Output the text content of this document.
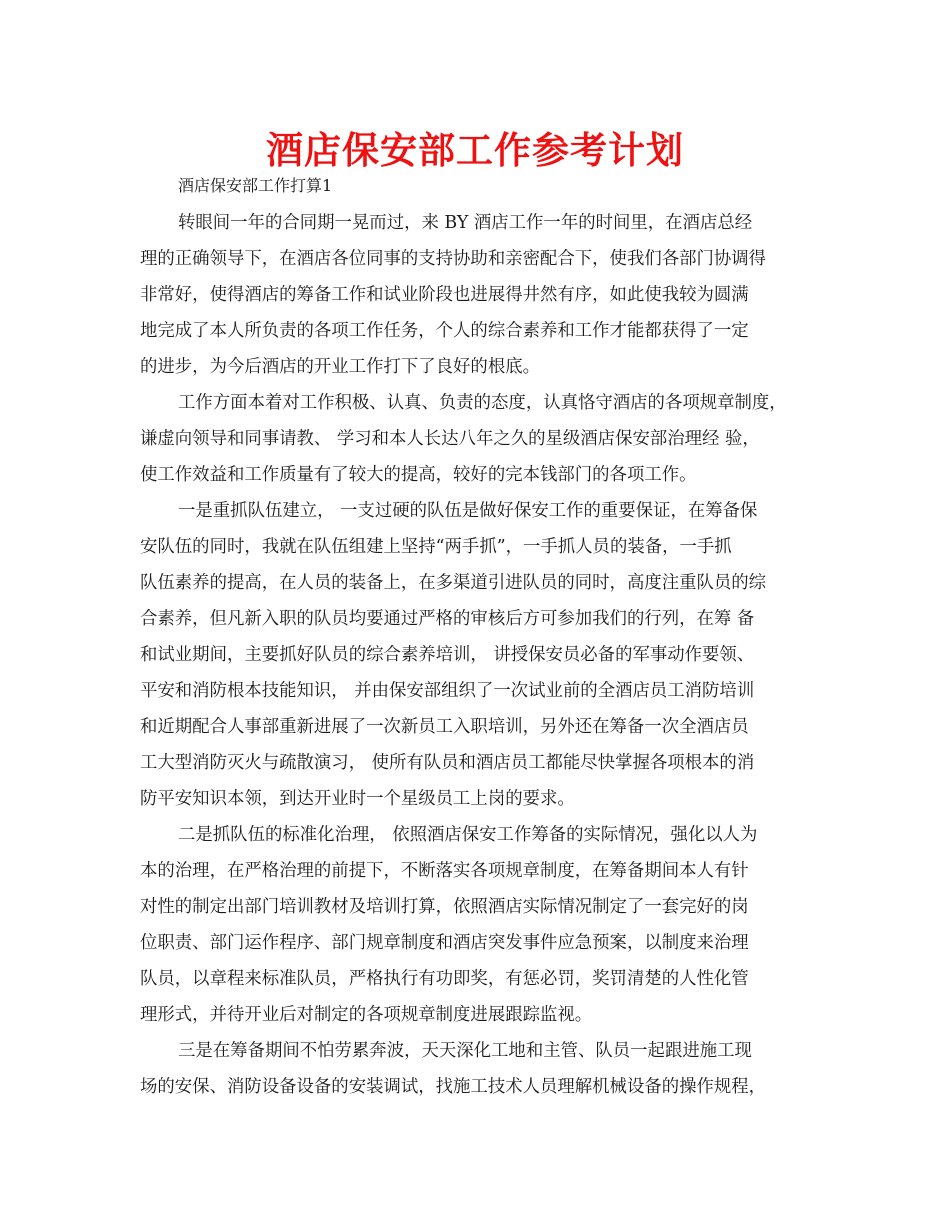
酒店保安部工作参考计划

酒店保安部工作打算1

转眼间一年的合同期一晃而过，来 BY 酒店工作一年的时间里，在酒店总经
理的正确领导下，在酒店各位同事的支持协助和亲密配合下，使我们各部门协调得
非常好，使得酒店的筹备工作和试业阶段也进展得井然有序，如此使我较为圆满
地完成了本人所负责的各项工作任务，个人的综合素养和工作才能都获得了一定
的进步，为今后酒店的开业工作打下了良好的根底。
工作方面本着对工作积极、认真、负责的态度，认真恪守酒店的各项规章制度，
谦虚向领导和同事请教、 学习和本人长达八年之久的星级酒店保安部治理经 验，
使工作效益和工作质量有了较大的提高，较好的完本钱部门的各项工作。
一是重抓队伍建立， 一支过硬的队伍是做好保安工作的重要保证，在筹备保
安队伍的同时，我就在队伍组建上坚持“两手抓”，一手抓人员的装备，一手抓
队伍素养的提高，在人员的装备上，在多渠道引进队员的同时，高度注重队员的综
合素养，但凡新入职的队员均要通过严格的审核后方可参加我们的行列，在筹 备
和试业期间，主要抓好队员的综合素养培训， 讲授保安员必备的军事动作要领、
平安和消防根本技能知识， 并由保安部组织了一次试业前的全酒店员工消防培训
和近期配合人事部重新进展了一次新员工入职培训，另外还在筹备一次全酒店员
工大型消防灭火与疏散演习， 使所有队员和酒店员工都能尽快掌握各项根本的消
防平安知识本领，到达开业时一个星级员工上岗的要求。
二是抓队伍的标准化治理， 依照酒店保安工作筹备的实际情况，强化以人为
本的治理，在严格治理的前提下，不断落实各项规章制度，在筹备期间本人有针
对性的制定出部门培训教材及培训打算，依照酒店实际情况制定了一套完好的岗
位职责、部门运作程序、部门规章制度和酒店突发事件应急预案，以制度来治理
队员，以章程来标准队员，严格执行有功即奖，有惩必罚，奖罚清楚的人性化管
理形式，并待开业后对制定的各项规章制度进展跟踪监视。
三是在筹备期间不怕劳累奔波，天天深化工地和主管、队员一起跟进施工现
场的安保、消防设备设备的安装调试，找施工技术人员理解机械设备的操作规程，
